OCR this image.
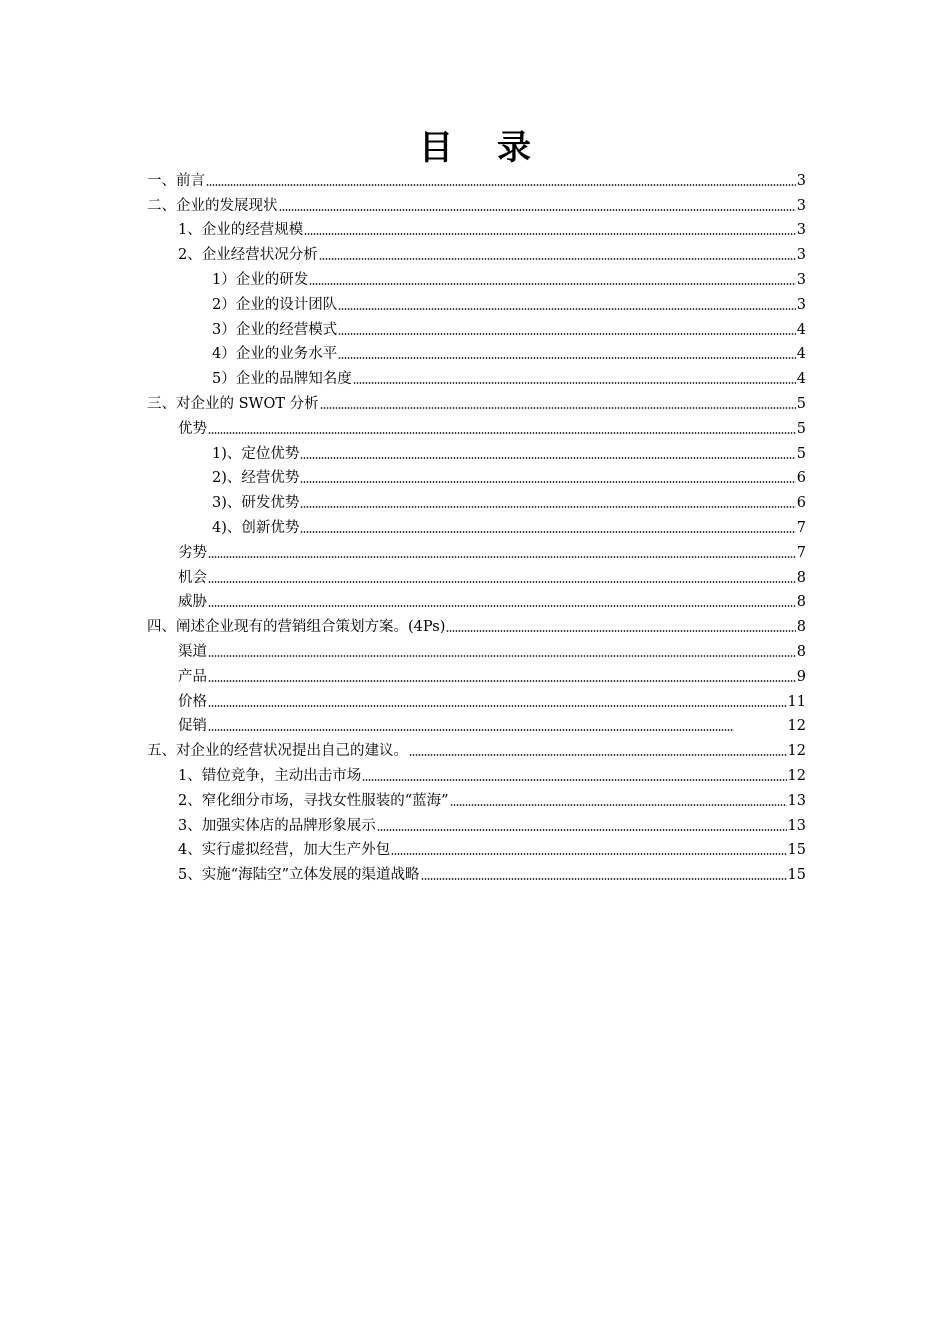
目录
一、前言	3
二、企业的发展现状	3
1、企业的经营规模	3
2、企业经营状况分析	3
1）企业的研发	3
2）企业的设计团队	3
3）企业的经营模式	4
4）企业的业务水平	4
5）企业的品牌知名度	4
三、对企业的 SWOT 分析	5
优势	5
1)、定位优势	5
2)、经营优势	6
3)、研发优势	6
4)、创新优势	7
劣势	7
机会	8
威胁	8
四、阐述企业现有的营销组合策划方案。(4Ps)	8
渠道	8
产品	9
价格	11
促销	12
五、对企业的经营状况提出自己的建议。	12
1、错位竞争，主动出击市场	12
2、窄化细分市场，寻找女性服装的“蓝海”	13
3、加强实体店的品牌形象展示	13
4、实行虚拟经营，加大生产外包	15
5、实施“海陆空”立体发展的渠道战略	15
